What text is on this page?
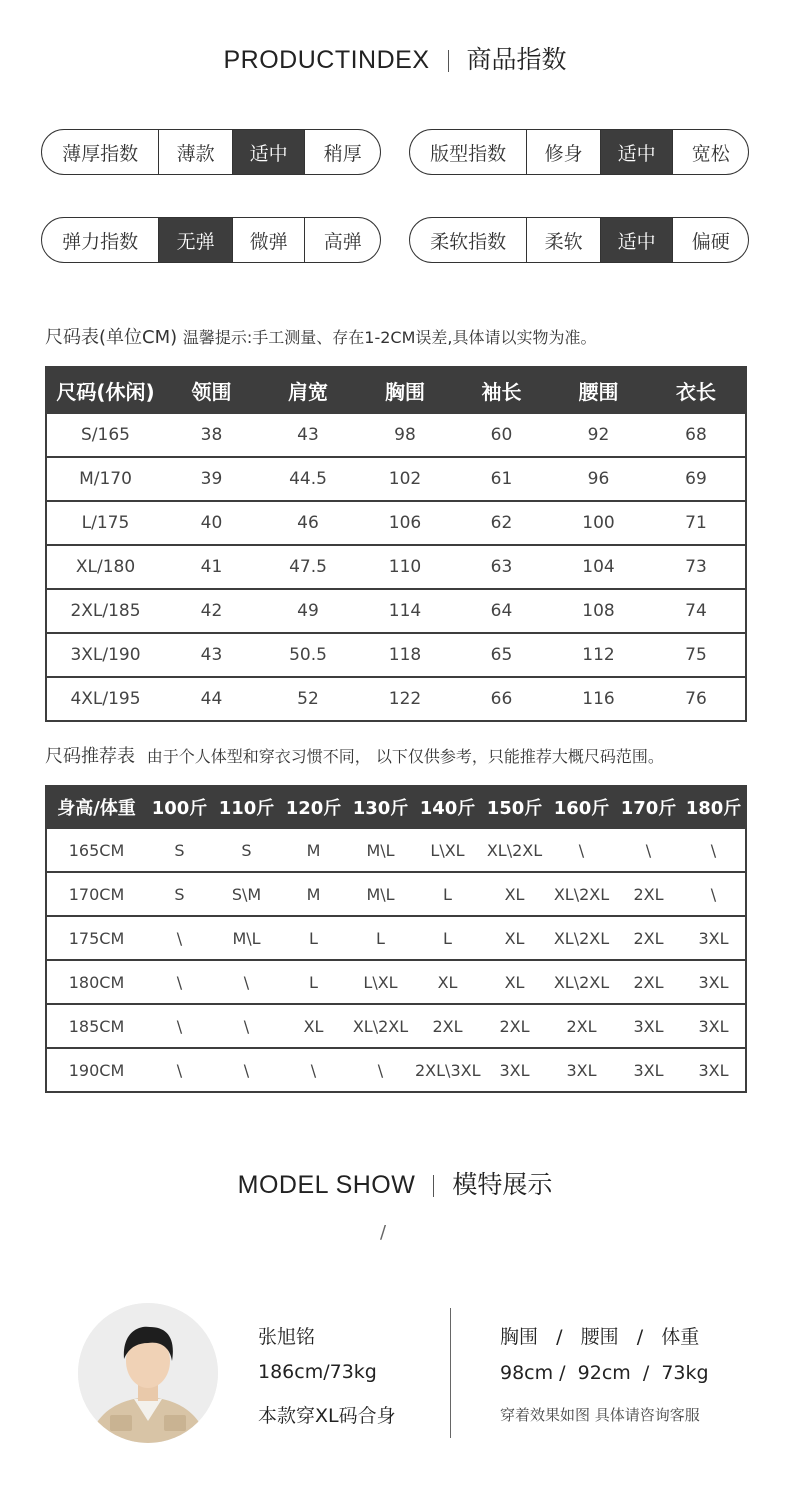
PRODUCTINDEX 商品指数
薄厚指数	薄款	适中	稍厚	版型指数	修身	适中	宽松
弹力指数	无弹	微弹	高弹	柔软指数	柔软	适中	偏硬
尺码表(单位CM) 温馨提示:手工测量、存在1-2CM误差,具体请以实物为准。
尺码(休闲)	领围	肩宽	胸围	袖长	腰围	衣长
S/165	38	43	98	60	92	68
M/170	39	44.5	102	61	96	69
L/175	40	46	106	62	100	71
XL/180	41	47.5	110	63	104	73
2XL/185	42	49	114	64	108	74
3XL/190	43	50.5	118	65	112	75
4XL/195	44	52	122	66	116	76
尺码推荐表 由于个人体型和穿衣习惯不同， 以下仅供参考，只能推荐大概尺码范围。
身高/体重	100斤	110斤	120斤	130斤	140斤	150斤	160斤	170斤	180斤
165CM	S	S	M	M\L	L\XL	XL\2XL	\	\	\
170CM	S	S\M	M	M\L	L	XL	XL\2XL	2XL	\
175CM	\	M\L	L	L	L	XL	XL\2XL	2XL	3XL
180CM	\	\	L	L\XL	XL	XL	XL\2XL	2XL	3XL
185CM	\	\	XL	XL\2XL	2XL	2XL	2XL	3XL	3XL
190CM	\	\	\	\	2XL\3XL	3XL	3XL	3XL	3XL
MODEL SHOW 模特展示
/
张旭铭
186cm/73kg
本款穿XL码合身
胸围   /   腰围   /   体重
98cm /  92cm  /  73kg
穿着效果如图 具体请咨询客服
